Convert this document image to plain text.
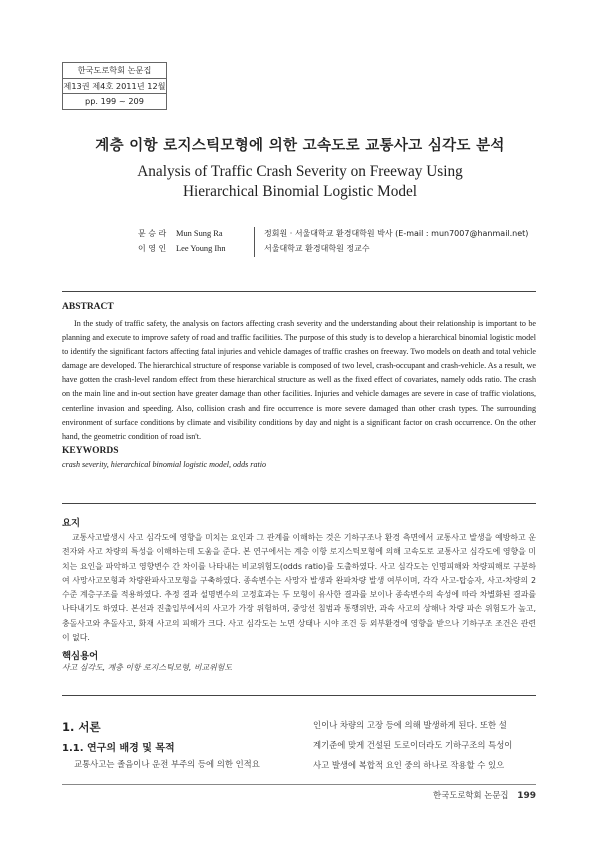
한국도로학회 논문집
제13권 제4호 2011년 12월
pp. 199 ~ 209
계층 이항 로지스틱모형에 의한 고속도로 교통사고 심각도 분석
Analysis of Traffic Crash Severity on Freeway Using
Hierarchical Binomial Logistic Model
문 승 라	Mun Sung Ra	정회원 · 서울대학교 환경대학원 박사 (E-mail : mun7007@hanmail.net)
이 영 인	Lee Young Ihn	서울대학교 환경대학원 정교수
ABSTRACT
In the study of traffic safety, the analysis on factors affecting crash severity and the understanding about their relationship is important to be planning and execute to improve safety of road and traffic facilities. The purpose of this study is to develop a hierarchical binomial logistic model to identify the significant factors affecting fatal injuries and vehicle damages of traffic crashes on freeway. Two models on death and total vehicle damage are developed. The hierarchical structure of response variable is composed of two level, crash-occupant and crash-vehicle. As a result, we have gotten the crash-level random effect from these hierarchical structure as well as the fixed effect of covariates, namely odds ratio. The crash on the main line and in-out section have greater damage than other facilities. Injuries and vehicle damages are severe in case of traffic violations, centerline invasion and speeding. Also, collision crash and fire occurrence is more severe damaged than other crash types. The surrounding environment of surface conditions by climate and visibility conditions by day and night is a significant factor on crash occurrence. On the other hand, the geometric condition of road isn't.
KEYWORDS
crash severity, hierarchical binomial logistic model, odds ratio
요지
교통사고발생시 사고 심각도에 영향을 미치는 요인과 그 관계를 이해하는 것은 기하구조나 환경 측면에서 교통사고 발생을 예방하고 운전자와 사고 차량의 특성을 이해하는데 도움을 준다. 본 연구에서는 계층 이항 로지스틱모형에 의해 고속도로 교통사고 심각도에 영향을 미치는 요인을 파악하고 영향변수 간 차이를 나타내는 비교위험도(odds ratio)를 도출하였다. 사고 심각도는 인명피해와 차량피해로 구분하여 사망사고모형과 차량완파사고모형을 구축하였다. 종속변수는 사망자 발생과 완파차량 발생 여부이며, 각각 사고-탑승자, 사고-차량의 2수준 계층구조를 적용하였다. 추정 결과 설명변수의 고정효과는 두 모형이 유사한 결과를 보이나 종속변수의 속성에 따라 차별화된 결과를 나타내기도 하였다. 본선과 진출입부에서의 사고가 가장 위험하며, 중앙선 침범과 통행위반, 과속 사고의 상해나 차량 파손 위험도가 높고, 충돌사고와 추돌사고, 화재 사고의 피해가 크다. 사고 심각도는 노면 상태나 시야 조건 등 외부환경에 영향을 받으나 기하구조 조건은 관련이 없다.
핵심용어
사고 심각도, 계층 이항 로지스틱모형, 비교위험도
1. 서론
1.1. 연구의 배경 및 목적
교통사고는 졸음이나 운전 부주의 등에 의한 인적요
인이나 차량의 고장 등에 의해 발생하게 된다. 또한 설
계기준에 맞게 건설된 도로이더라도 기하구조의 특성이
사고 발생에 복합적 요인 중의 하나로 작용할 수 있으
한국도로학회 논문집 199
